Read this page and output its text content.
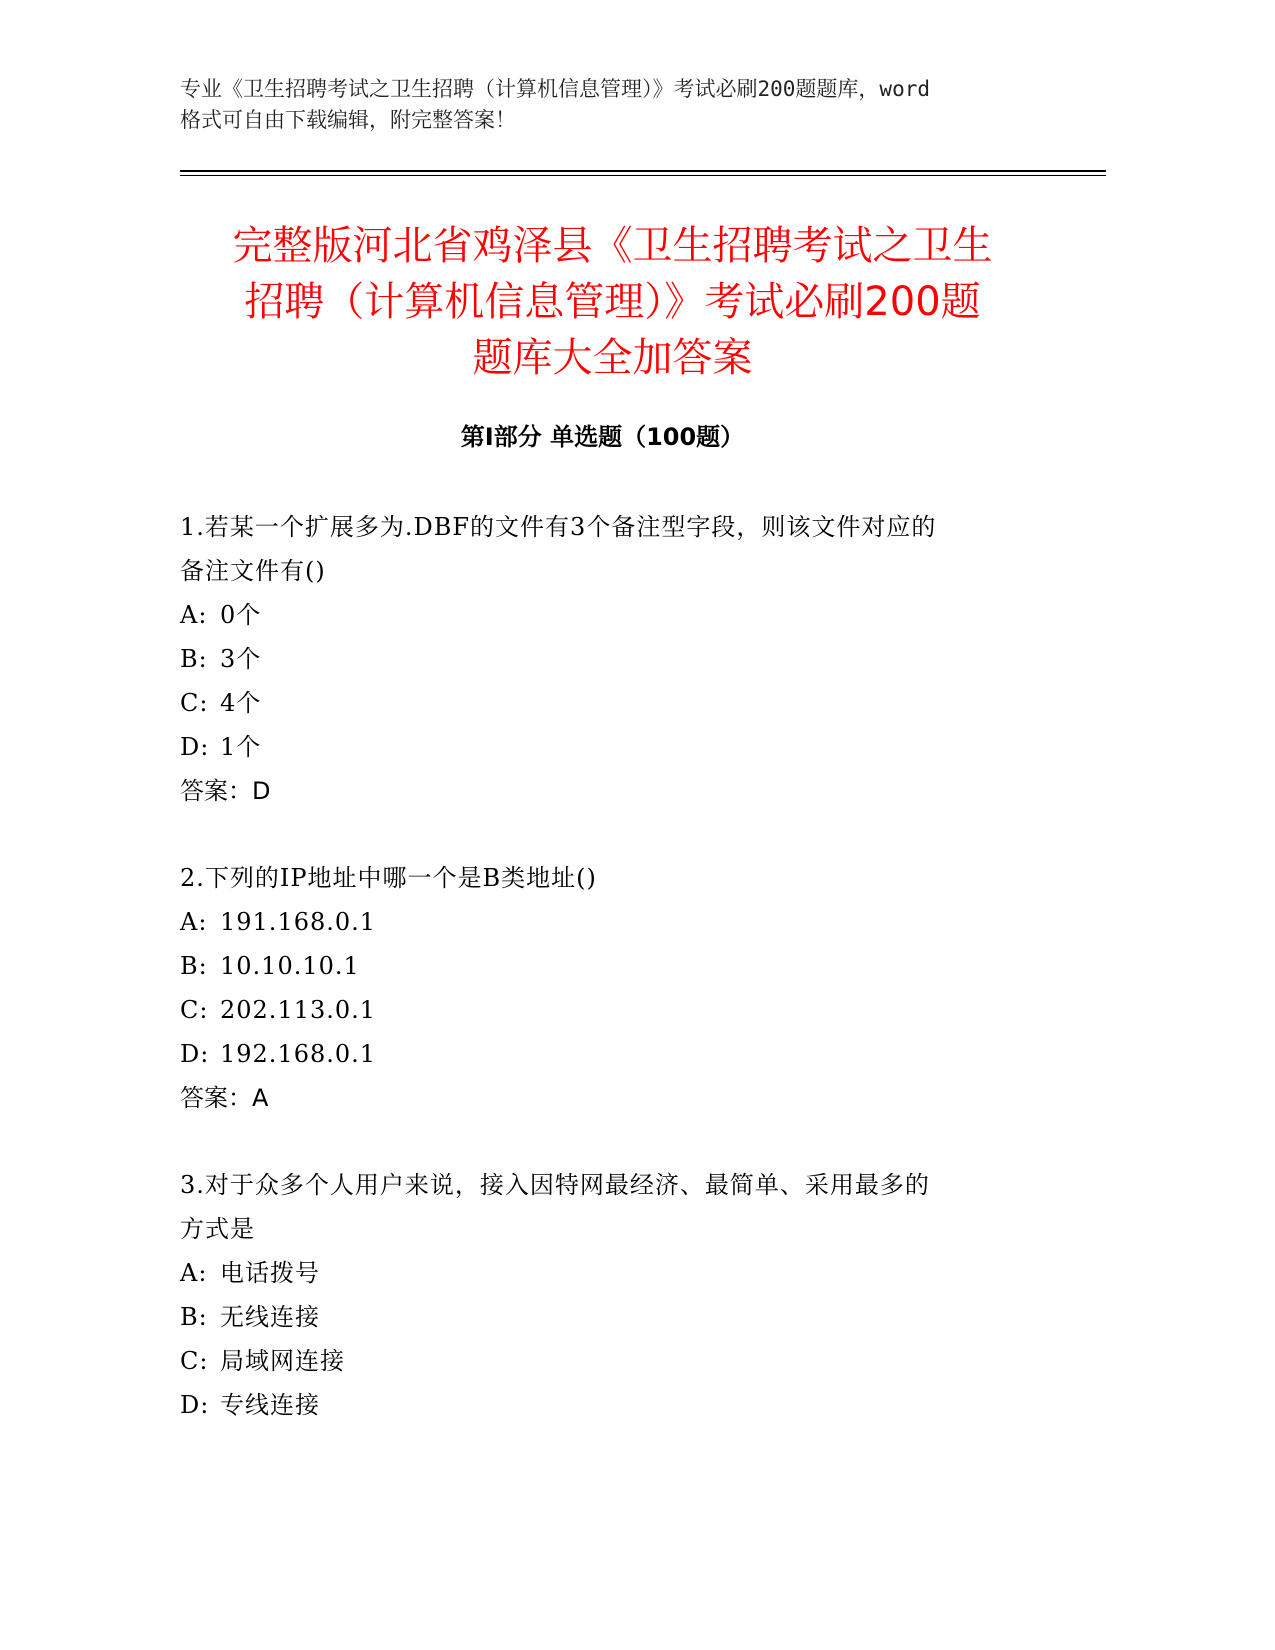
专业《卫生招聘考试之卫生招聘（计算机信息管理）》考试必刷200题题库，word
格式可自由下载编辑，附完整答案！
完整版河北省鸡泽县《卫生招聘考试之卫生
招聘（计算机信息管理）》考试必刷200题
题库大全加答案
第Ⅰ部分 单选题（100题）

1.若某一个扩展多为.DBF的文件有3个备注型字段，则该文件对应的
备注文件有()

A: 0个
B: 3个
C: 4个
D: 1个

答案：D

2.下列的IP地址中哪一个是B类地址()

A: 191.168.0.1
B: 10.10.10.1
C: 202.113.0.1
D: 192.168.0.1

答案：A

3.对于众多个人用户来说，接入因特网最经济、最简单、采用最多的
方式是

A: 电话拨号
B: 无线连接
C: 局域网连接
D: 专线连接
